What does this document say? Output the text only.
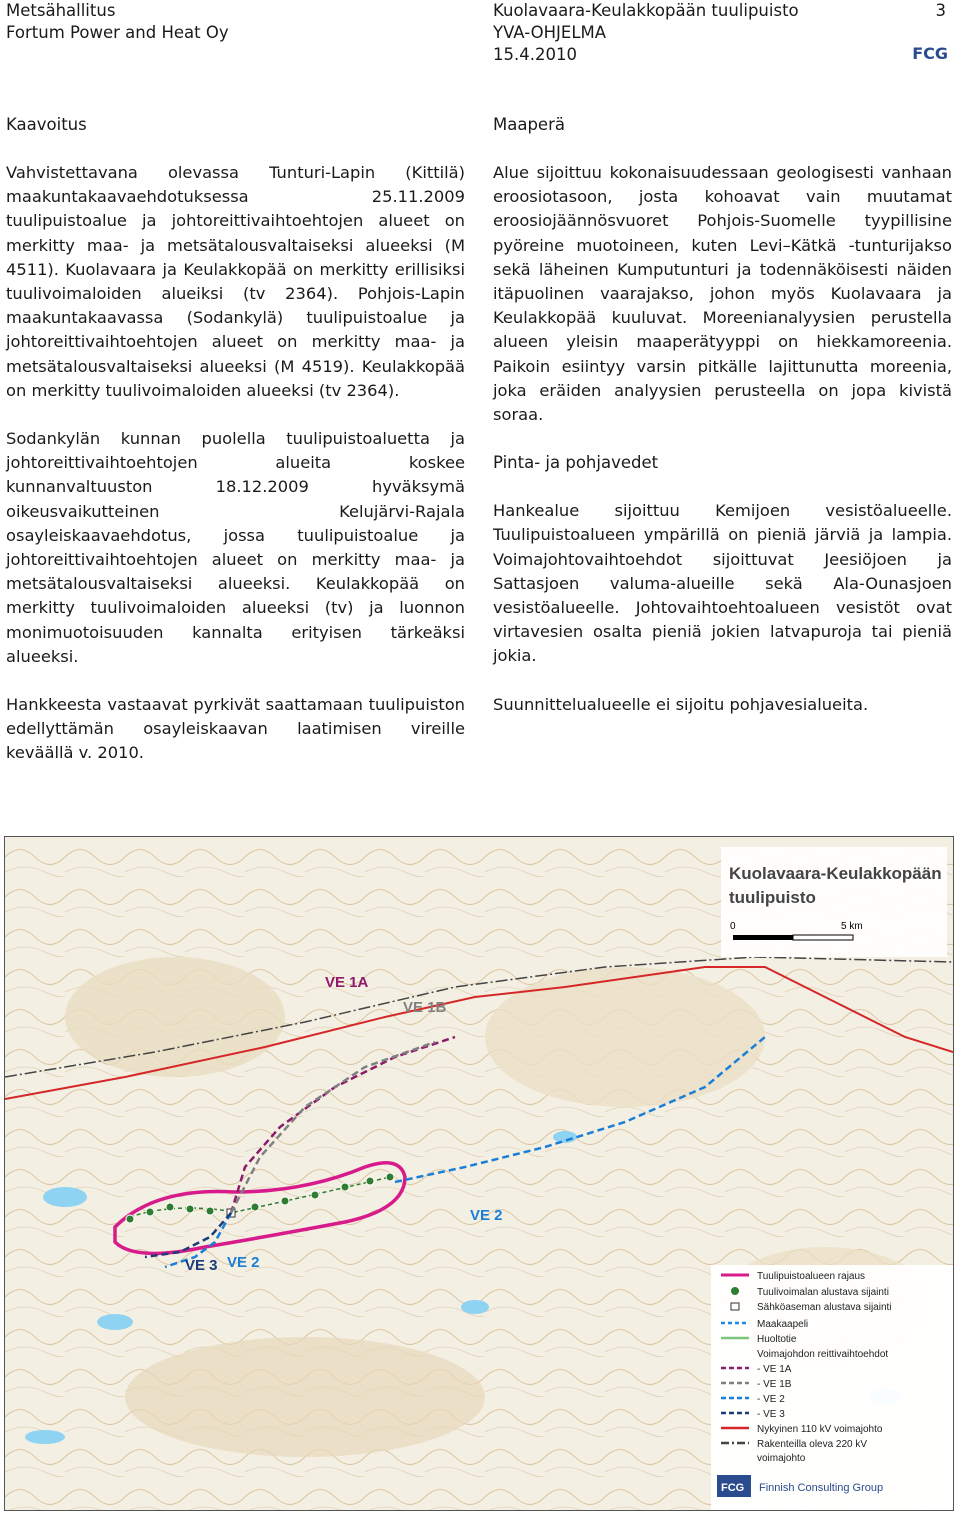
Metsähallitus
Fortum Power and Heat Oy
Kuolavaara-Keulakkopään tuulipuisto
YVA-OHJELMA
15.4.2010
3
FCG
Kaavoitus

Vahvistettavana olevassa Tunturi-Lapin (Kittilä) maakuntakaavaehdotuksessa 25.11.2009 tuulipuistoalue ja johtoreittivaihtoehtojen alueet on merkitty maa- ja metsätalousvaltaiseksi alueeksi (M 4511). Kuolavaara ja Keulakkopää on merkitty erillisiksi tuulivoimaloiden alueiksi (tv 2364). Pohjois-Lapin maakuntakaavassa (Sodankylä) tuulipuistoalue ja johtoreittivaihtoehtojen alueet on merkitty maa- ja metsätalousvaltaiseksi alueeksi (M 4519). Keulakkopää on merkitty tuulivoimaloiden alueeksi (tv 2364).

Sodankylän kunnan puolella tuulipuistoaluetta ja johtoreittivaihtoehtojen alueita koskee kunnanvaltuuston 18.12.2009 hyväksymä oikeusvaikutteinen Kelujärvi-Rajala osayleiskaavaehdotus, jossa tuulipuistoalue ja johtoreittivaihtoehtojen alueet on merkitty maa- ja metsätalousvaltaiseksi alueeksi. Keulakkopää on merkitty tuulivoimaloiden alueeksi (tv) ja luonnon monimuotoisuuden kannalta erityisen tärkeäksi alueeksi.

Hankkeesta vastaavat pyrkivät saattamaan tuulipuiston edellyttämän osayleiskaavan laatimisen vireille keväällä v. 2010.

Maaperä

Alue sijoittuu kokonaisuudessaan geologisesti vanhaan eroosiotasoon, josta kohoavat vain muutamat eroosiojäännösvuoret Pohjois-Suomelle tyypillisine pyöreine muotoineen, kuten Levi–Kätkä -tunturijakso sekä läheinen Kumputunturi ja todennäköisesti näiden itäpuolinen vaarajakso, johon myös Kuolavaara ja Keulakkopää kuuluvat. Moreenianalyysien perustella alueen yleisin maaperätyyppi on hiekkamoreenia. Paikoin esiintyy varsin pitkälle lajittunutta moreenia, joka eräiden analyysien perusteella on jopa kivistä soraa.

Pinta- ja pohjavedet

Hankealue sijoittuu Kemijoen vesistöalueelle. Tuulipuistoalueen ympärillä on pieniä järviä ja lampia. Voimajohtovaihtoehdot sijoittuvat Jeesiöjoen ja Sattasjoen valuma-alueille sekä Ala-Ounasjoen vesistöalueelle. Johtovaihtoehtoalueen vesistöt ovat virtavesien osalta pieniä jokien latvapuroja tai pieniä jokia.

Suunnittelualueelle ei sijoitu pohjavesialueita.

VE 1A
VE 1B
VE 2
VE 3 VE 2
Kuolavaara-Keulakkopään
tuulipuisto
0	5 km
Tuulipuistoalueen rajaus
Tuulivoimalan alustava sijainti
Sähköaseman alustava sijainti
Maakaapeli
Huoltotie
Voimajohdon reittivaihtoehdot
- VE 1A
- VE 1B
- VE 2
- VE 3
Nykyinen 110 kV voimajohto
Rakenteilla oleva 220 kV
voimajohto
FCG Finnish Consulting Group
